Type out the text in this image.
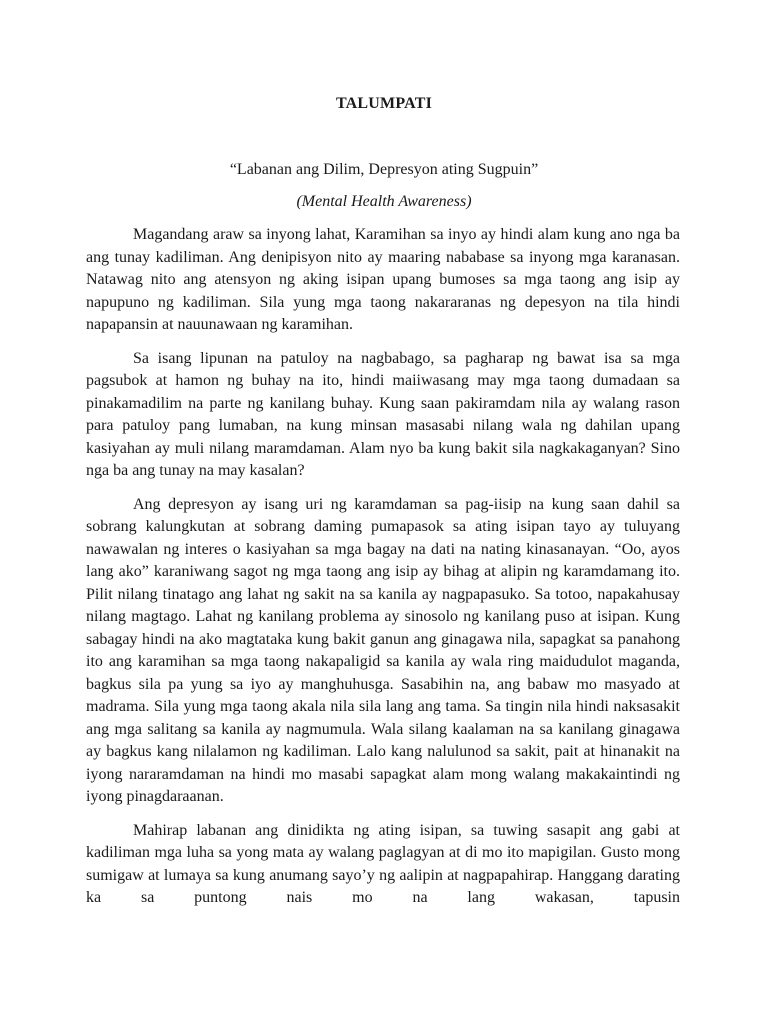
TALUMPATI
“Labanan ang Dilim, Depresyon ating Sugpuin”
(Mental Health Awareness)

Magandang araw sa inyong lahat, Karamihan sa inyo ay hindi alam kung ano nga ba ang tunay kadiliman. Ang denipisyon nito ay maaring nababase sa inyong mga karanasan. Natawag nito ang atensyon ng aking isipan upang bumoses sa mga taong ang isip ay napupuno ng kadiliman. Sila yung mga taong nakararanas ng depesyon na tila hindi napapansin at nauunawaan ng karamihan.

Sa isang lipunan na patuloy na nagbabago, sa pagharap ng bawat isa sa mga pagsubok at hamon ng buhay na ito, hindi maiiwasang may mga taong dumadaan sa pinakamadilim na parte ng kanilang buhay. Kung saan pakiramdam nila ay walang rason para patuloy pang lumaban, na kung minsan masasabi nilang wala ng dahilan upang kasiyahan ay muli nilang maramdaman. Alam nyo ba kung bakit sila nagkakaganyan? Sino nga ba ang tunay na may kasalan?

Ang depresyon ay isang uri ng karamdaman sa pag-iisip na kung saan dahil sa sobrang kalungkutan at sobrang daming pumapasok sa ating isipan tayo ay tuluyang nawawalan ng interes o kasiyahan sa mga bagay na dati na nating kinasanayan. “Oo, ayos lang ako” karaniwang sagot ng mga taong ang isip ay bihag at alipin ng karamdamang ito. Pilit nilang tinatago ang lahat ng sakit na sa kanila ay nagpapasuko. Sa totoo, napakahusay nilang magtago. Lahat ng kanilang problema ay sinosolo ng kanilang puso at isipan. Kung sabagay hindi na ako magtataka kung bakit ganun ang ginagawa nila, sapagkat sa panahong ito ang karamihan sa mga taong nakapaligid sa kanila ay wala ring maidudulot maganda, bagkus sila pa yung sa iyo ay manghuhusga. Sasabihin na, ang babaw mo masyado at madrama. Sila yung mga taong akala nila sila lang ang tama. Sa tingin nila hindi naksasakit ang mga salitang sa kanila ay nagmumula. Wala silang kaalaman na sa kanilang ginagawa ay bagkus kang nilalamon ng kadiliman. Lalo kang nalulunod sa sakit, pait at hinanakit na iyong nararamdaman na hindi mo masabi sapagkat alam mong walang makakaintindi ng iyong pinagdaraanan.

Mahirap labanan ang dinidikta ng ating isipan, sa tuwing sasapit ang gabi at kadiliman mga luha sa yong mata ay walang paglagyan at di mo ito mapigilan. Gusto mong sumigaw at lumaya sa kung anumang sayo’y ng aalipin at nagpapahirap. Hanggang darating ka sa puntong nais mo na lang wakasan, tapusin
